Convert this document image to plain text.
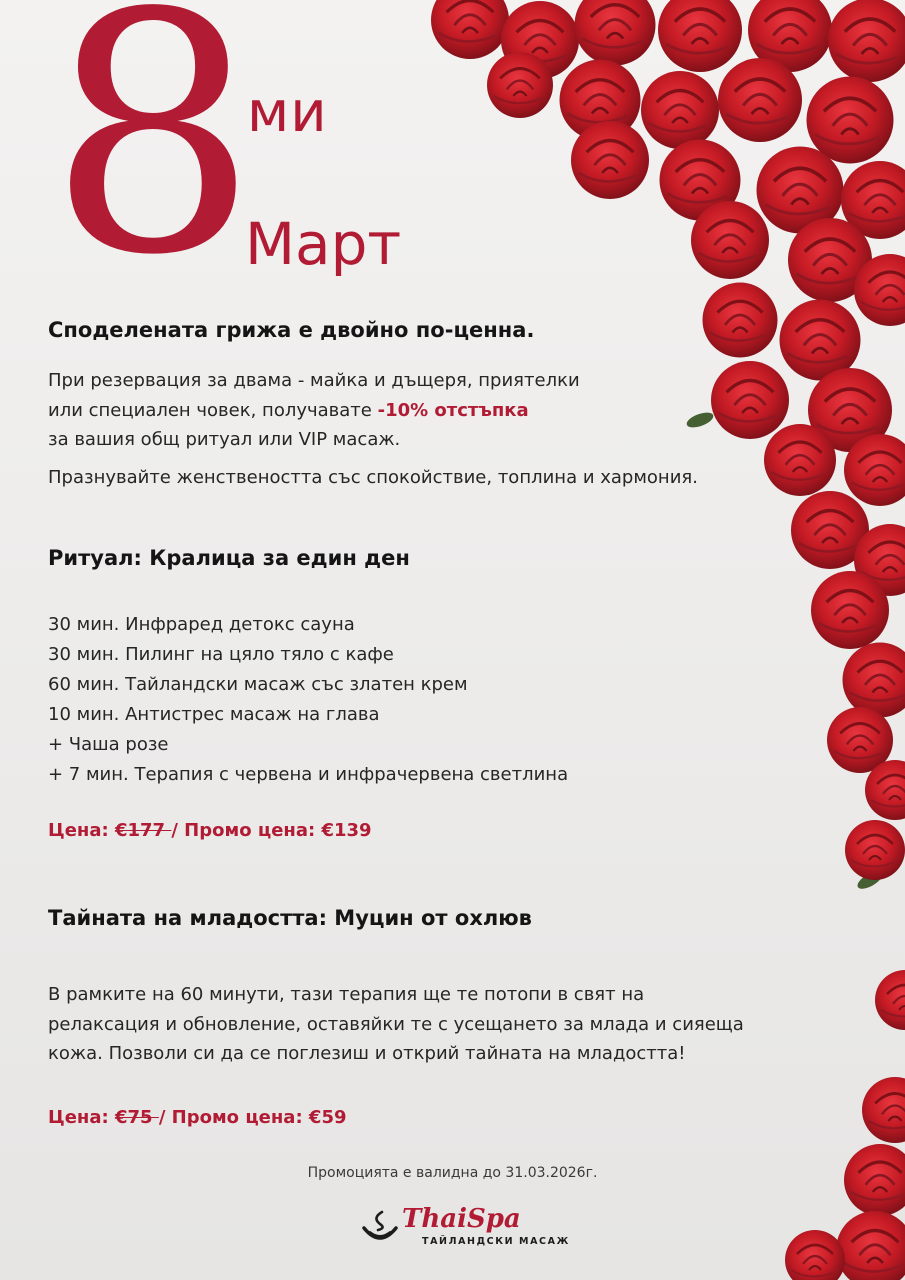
8
ми
Март
Споделената грижа е двойно по-ценна.
При резервация за двама - майка и дъщеря, приятелки
или специален човек, получавате -10% отстъпка
за вашия общ ритуал или VIP масаж.
Празнувайте женствеността със спокойствие, топлина и хармония.
Ритуал: Кралица за един ден
30 мин. Инфраред детокс сауна
30 мин. Пилинг на цяло тяло с кафе
60 мин. Тайландски масаж със златен крем
10 мин. Антистрес масаж на глава
+ Чаша розе
+ 7 мин. Терапия с червена и инфрачервена светлина
Цена: €177 / Промо цена: €139
Тайната на младостта: Муцин от охлюв
В рамките на 60 минути, тази терапия ще те потопи в свят на
релаксация и обновление, оставяйки те с усещането за млада и сияеща
кожа. Позволи си да се поглезиш и открий тайната на младостта!
Цена: €75 / Промо цена: €59
Промоцията е валидна до 31.03.2026г.
ThaiSpa
ТАЙЛАНДСКИ МАСАЖ
